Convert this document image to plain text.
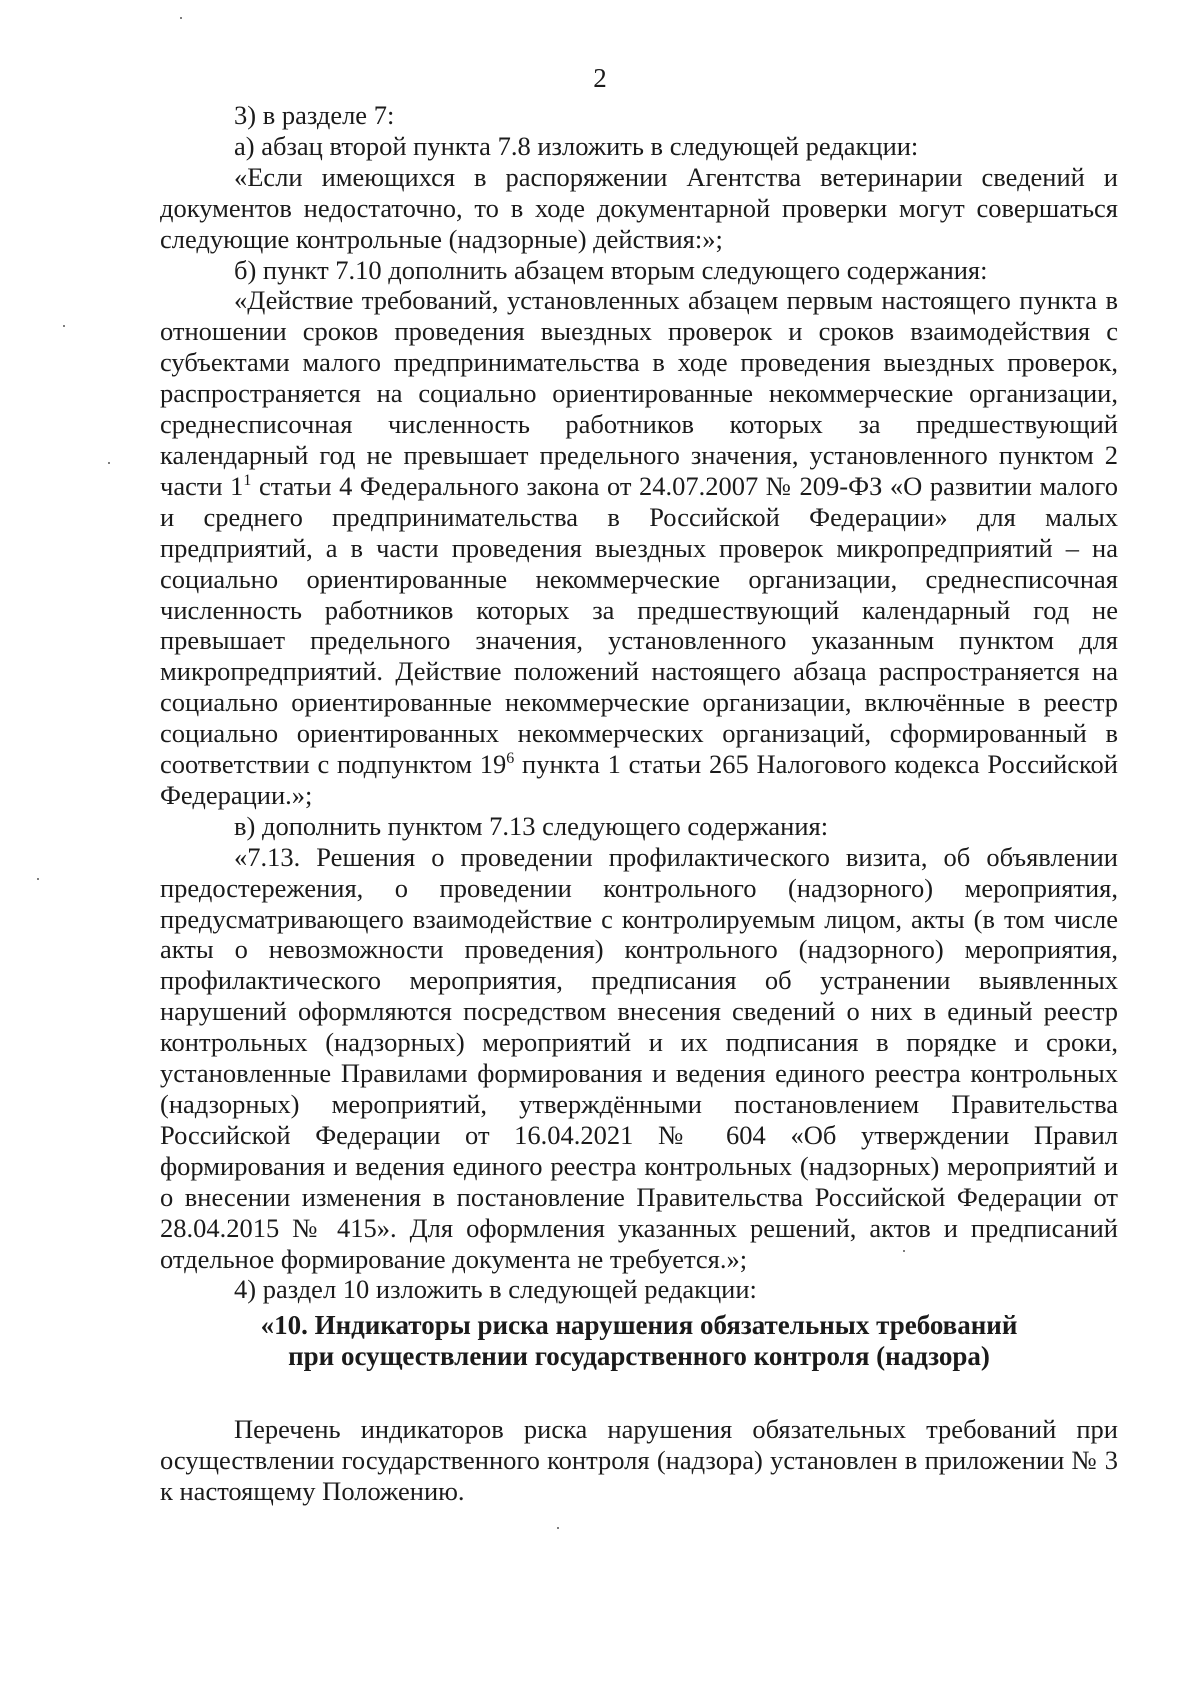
2

3) в разделе 7:

а) абзац второй пункта 7.8 изложить в следующей редакции:

«Если имеющихся в распоряжении Агентства ветеринарии сведений и документов недостаточно, то в ходе документарной проверки могут совершаться следующие контрольные (надзорные) действия:»;

б) пункт 7.10 дополнить абзацем вторым следующего содержания:

«Действие требований, установленных абзацем первым настоящего пункта в отношении сроков проведения выездных проверок и сроков взаимодействия с субъектами малого предпринимательства в ходе проведения выездных проверок, распространяется на социально ориентированные некоммерческие организации, среднесписочная численность работников которых за предшествующий календарный год не превышает предельного значения, установленного пунктом 2 части $1^1$ статьи 4 Федерального закона от 24.07.2007 № 209-ФЗ «О развитии малого и среднего предпринимательства в Российской Федерации» для малых предприятий, а в части проведения выездных проверок микропредприятий – на социально ориентированные некоммерческие организации, среднесписочная численность работников которых за предшествующий календарный год не превышает предельного значения, установленного указанным пунктом для микропредприятий. Действие положений настоящего абзаца распространяется на социально ориентированные некоммерческие организации, включённые в реестр социально ориентированных некоммерческих организаций, сформированный в соответствии с подпунктом $19^6$ пункта 1 статьи 265 Налогового кодекса Российской Федерации.»;

в) дополнить пунктом 7.13 следующего содержания:

«7.13. Решения о проведении профилактического визита, об объявлении предостережения, о проведении контрольного (надзорного) мероприятия, предусматривающего взаимодействие с контролируемым лицом, акты (в том числе акты о невозможности проведения) контрольного (надзорного) мероприятия, профилактического мероприятия, предписания об устранении выявленных нарушений оформляются посредством внесения сведений о них в единый реестр контрольных (надзорных) мероприятий и их подписания в порядке и сроки, установленные Правилами формирования и ведения единого реестра контрольных (надзорных) мероприятий, утверждёнными постановлением Правительства Российской Федерации от 16.04.2021 № 604 «Об утверждении Правил формирования и ведения единого реестра контрольных (надзорных) мероприятий и о внесении изменения в постановление Правительства Российской Федерации от 28.04.2015 № 415». Для оформления указанных решений, актов и предписаний отдельное формирование документа не требуется.»;

4) раздел 10 изложить в следующей редакции:

«10. Индикаторы риска нарушения обязательных требований
при осуществлении государственного контроля (надзора)

Перечень индикаторов риска нарушения обязательных требований при осуществлении государственного контроля (надзора) установлен в приложении № 3 к настоящему Положению.
